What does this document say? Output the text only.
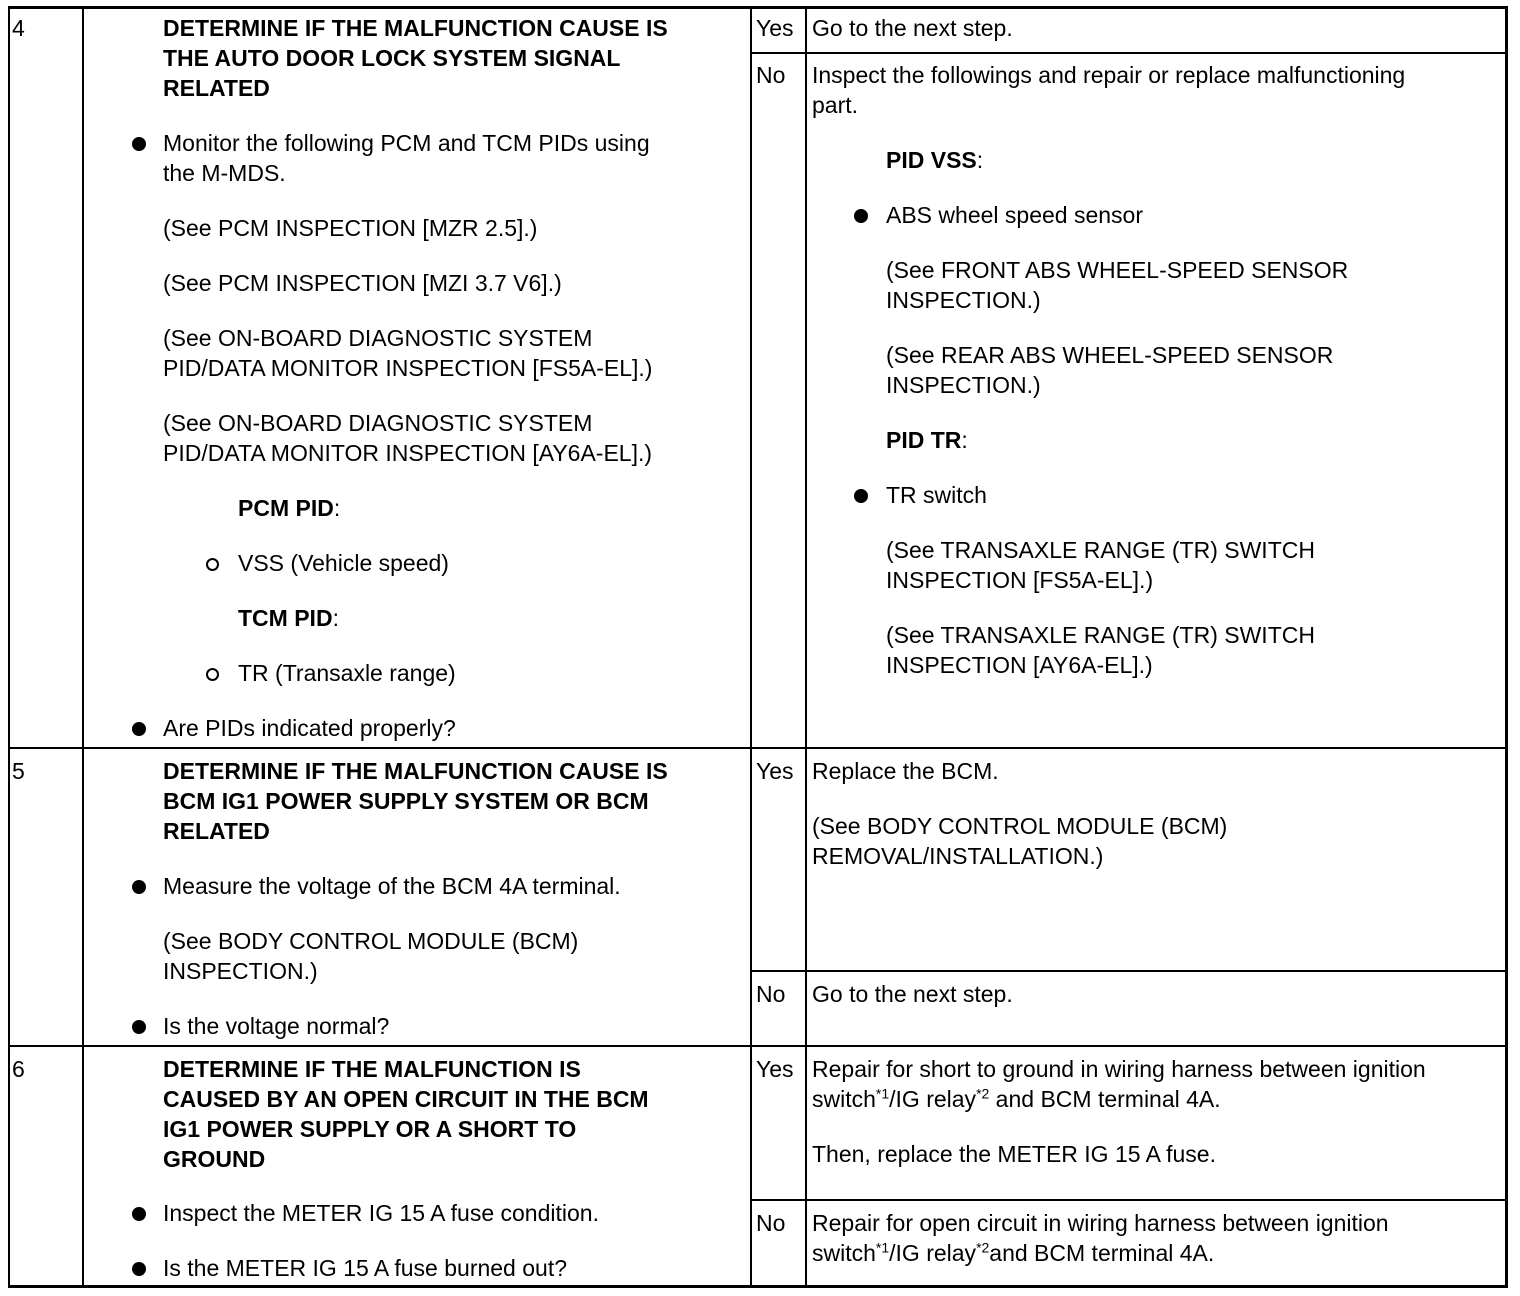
4	DETERMINE IF THE MALFUNCTION CAUSE IS
THE AUTO DOOR LOCK SYSTEM SIGNAL
RELATED
Monitor the following PCM and TCM PIDs using
the M-MDS.
(See PCM INSPECTION [MZR 2.5].)
(See PCM INSPECTION [MZI 3.7 V6].)
(See ON-BOARD DIAGNOSTIC SYSTEM
PID/DATA MONITOR INSPECTION [FS5A-EL].)
(See ON-BOARD DIAGNOSTIC SYSTEM
PID/DATA MONITOR INSPECTION [AY6A-EL].)
PCM PID:
VSS (Vehicle speed)
TCM PID:
TR (Transaxle range)
Are PIDs indicated properly?
Yes Go to the next step.
No Inspect the followings and repair or replace malfunctioning
part.
PID VSS:
ABS wheel speed sensor
(See FRONT ABS WHEEL-SPEED SENSOR
INSPECTION.)
(See REAR ABS WHEEL-SPEED SENSOR
INSPECTION.)
PID TR:
TR switch
(See TRANSAXLE RANGE (TR) SWITCH
INSPECTION [FS5A-EL].)
(See TRANSAXLE RANGE (TR) SWITCH
INSPECTION [AY6A-EL].)
5	DETERMINE IF THE MALFUNCTION CAUSE IS
BCM IG1 POWER SUPPLY SYSTEM OR BCM
RELATED
Measure the voltage of the BCM 4A terminal.
(See BODY CONTROL MODULE (BCM)
INSPECTION.)
Is the voltage normal?
Yes Replace the BCM.
(See BODY CONTROL MODULE (BCM)
REMOVAL/INSTALLATION.)
No Go to the next step.
6	DETERMINE IF THE MALFUNCTION IS
CAUSED BY AN OPEN CIRCUIT IN THE BCM
IG1 POWER SUPPLY OR A SHORT TO
GROUND
Inspect the METER IG 15 A fuse condition.
Is the METER IG 15 A fuse burned out?
Yes Repair for short to ground in wiring harness between ignition
switch$^{*1}$/IG relay$^{*2}$ and BCM terminal 4A.
Then, replace the METER IG 15 A fuse.
No Repair for open circuit in wiring harness between ignition
switch$^{*1}$/IG relay$^{*2}$and BCM terminal 4A.
